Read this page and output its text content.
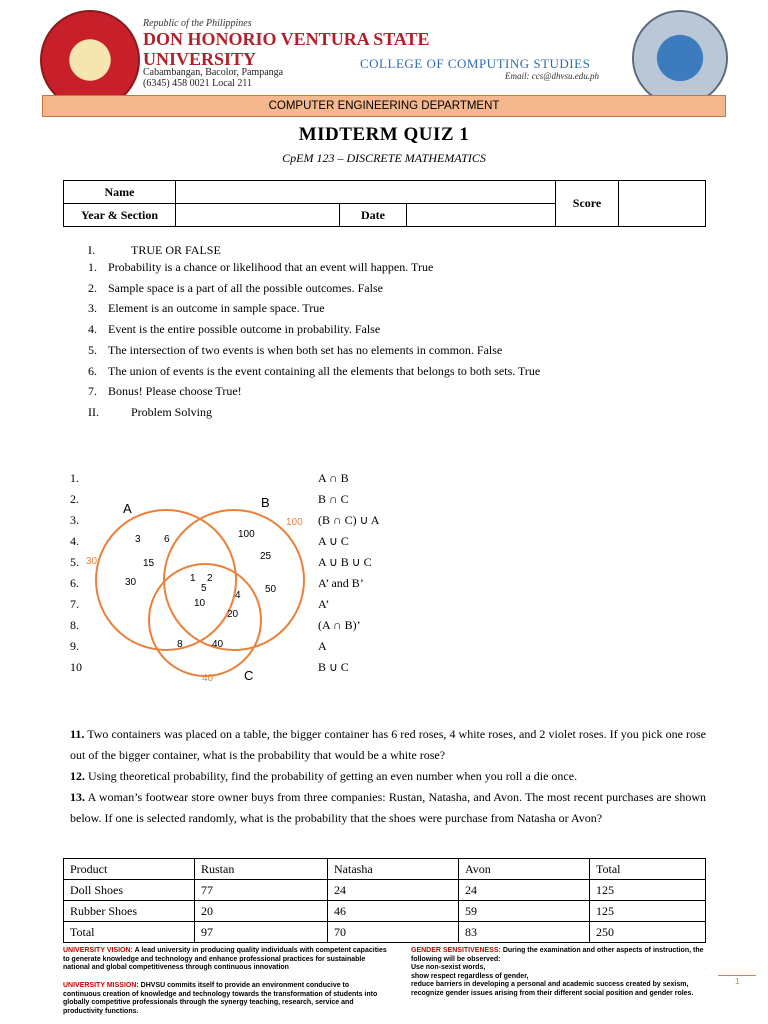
Republic of the Philippines
DON HONORIO VENTURA STATE
UNIVERSITY
Cabambangan, Bacolor, Pampanga
(6345) 458 0021 Local 211
COLLEGE OF COMPUTING STUDIES
Email: ccs@dhvsu.edu.ph
COMPUTER ENGINEERING DEPARTMENT
MIDTERM QUIZ 1
CpEM 123 – DISCRETE MATHEMATICS
Name				Score	
Year & Section		Date			
I.	TRUE OR FALSE
1. Probability is a chance or likelihood that an event will happen. True
2. Sample space is a part of all the possible outcomes. False
3. Element is an outcome in sample space. True
4. Event is the entire possible outcome in probability. False
5. The intersection of two events is when both set has no elements in common. False
6. The union of events is the event containing all the elements that belongs to both sets. True
7. Bonus! Please choose True!
II.	Problem Solving
1.	A ∩ B
2.	B ∩ C
3.	(B ∩ C) ∪ A
4.	A ∪ C
5.	A ∪ B ∪ C
6.	A’ and B’
7.	A’
8.	(A ∩ B)’
9.	A
10	B ∪ C
A	B
C
30
100
40
3 6
15
30
100
25
50
1 2
5
4
10
20
8	40
11. Two containers was placed on a table, the bigger container has 6 red roses, 4 white roses, and 2 violet roses. If you pick one rose out of the bigger container, what is the probability that would be a white rose?
12. Using theoretical probability, find the probability of getting an even number when you roll a die once.
13. A woman’s footwear store owner buys from three companies: Rustan, Natasha, and Avon. The most recent purchases are shown below. If one is selected randomly, what is the probability that the shoes were purchase from Natasha or Avon?
Product	Rustan	Natasha	Avon	Total
Doll Shoes	77	24	24	125
Rubber Shoes	20	46	59	125
Total	97	70	83	250
UNIVERSITY VISION: A lead university in producing quality individuals with competent capacities to generate knowledge and technology and enhance professional practices for sustainable national and global competitiveness through continuous innovation
UNIVERSITY MISSION: DHVSU commits itself to provide an environment conducive to continuous creation of knowledge and technology towards the transformation of students into globally competitive professionals through the synergy teaching, research, service and productivity functions.
GENDER SENSITIVENESS: During the examination and other aspects of instruction, the following will be observed:
Use non-sexist words,
show respect regardless of gender,
reduce barriers in developing a personal and academic success created by sexism,
recognize gender issues arising from their different social position and gender roles.
1
